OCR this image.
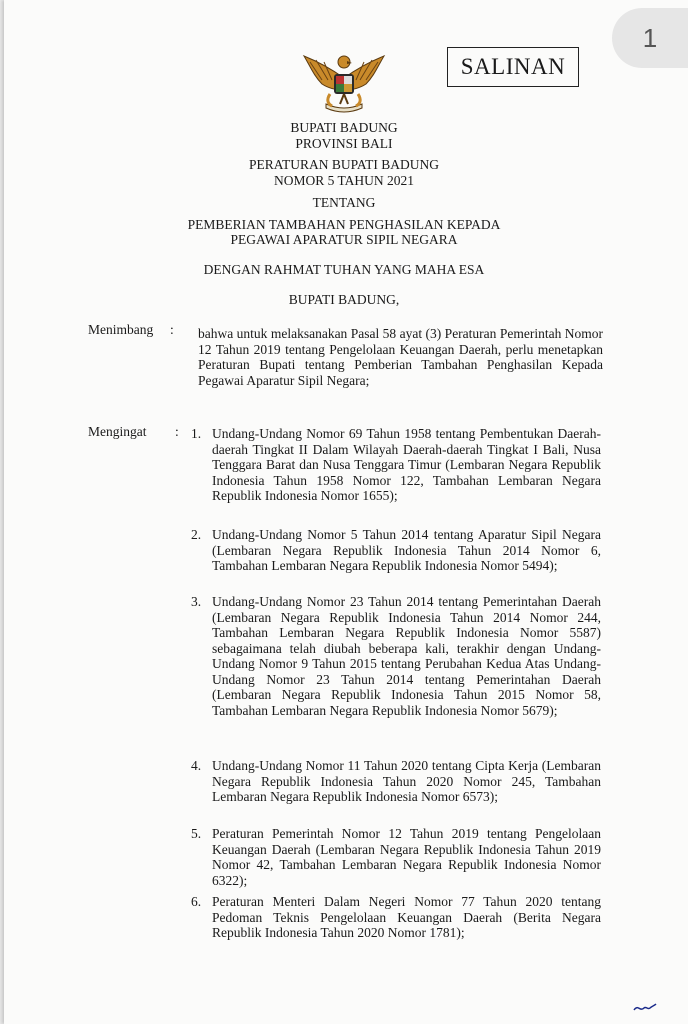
1
SALINAN
BUPATI BADUNG
PROVINSI BALI
PERATURAN BUPATI BADUNG
NOMOR 5 TAHUN 2021
TENTANG
PEMBERIAN TAMBAHAN PENGHASILAN KEPADA
PEGAWAI APARATUR SIPIL NEGARA
DENGAN RAHMAT TUHAN YANG MAHA ESA
BUPATI BADUNG,
Menimbang : bahwa untuk melaksanakan Pasal 58 ayat (3) Peraturan Pemerintah Nomor 12 Tahun 2019 tentang Pengelolaan Keuangan Daerah, perlu menetapkan Peraturan Bupati tentang Pemberian Tambahan Penghasilan Kepada Pegawai Aparatur Sipil Negara;
Mengingat : 1. Undang-Undang Nomor 69 Tahun 1958 tentang Pembentukan Daerah-daerah Tingkat II Dalam Wilayah Daerah-daerah Tingkat I Bali, Nusa Tenggara Barat dan Nusa Tenggara Timur (Lembaran Negara Republik Indonesia Tahun 1958 Nomor 122, Tambahan Lembaran Negara Republik Indonesia Nomor 1655);
2. Undang-Undang Nomor 5 Tahun 2014 tentang Aparatur Sipil Negara (Lembaran Negara Republik Indonesia Tahun 2014 Nomor 6, Tambahan Lembaran Negara Republik Indonesia Nomor 5494);
3. Undang-Undang Nomor 23 Tahun 2014 tentang Pemerintahan Daerah (Lembaran Negara Republik Indonesia Tahun 2014 Nomor 244, Tambahan Lembaran Negara Republik Indonesia Nomor 5587) sebagaimana telah diubah beberapa kali, terakhir dengan Undang-Undang Nomor 9 Tahun 2015 tentang Perubahan Kedua Atas Undang-Undang Nomor 23 Tahun 2014 tentang Pemerintahan Daerah (Lembaran Negara Republik Indonesia Tahun 2015 Nomor 58, Tambahan Lembaran Negara Republik Indonesia Nomor 5679);
4. Undang-Undang Nomor 11 Tahun 2020 tentang Cipta Kerja (Lembaran Negara Republik Indonesia Tahun 2020 Nomor 245, Tambahan Lembaran Negara Republik Indonesia Nomor 6573);
5. Peraturan Pemerintah Nomor 12 Tahun 2019 tentang Pengelolaan Keuangan Daerah (Lembaran Negara Republik Indonesia Tahun 2019 Nomor 42, Tambahan Lembaran Negara Republik Indonesia Nomor 6322);
6. Peraturan Menteri Dalam Negeri Nomor 77 Tahun 2020 tentang Pedoman Teknis Pengelolaan Keuangan Daerah (Berita Negara Republik Indonesia Tahun 2020 Nomor 1781);
